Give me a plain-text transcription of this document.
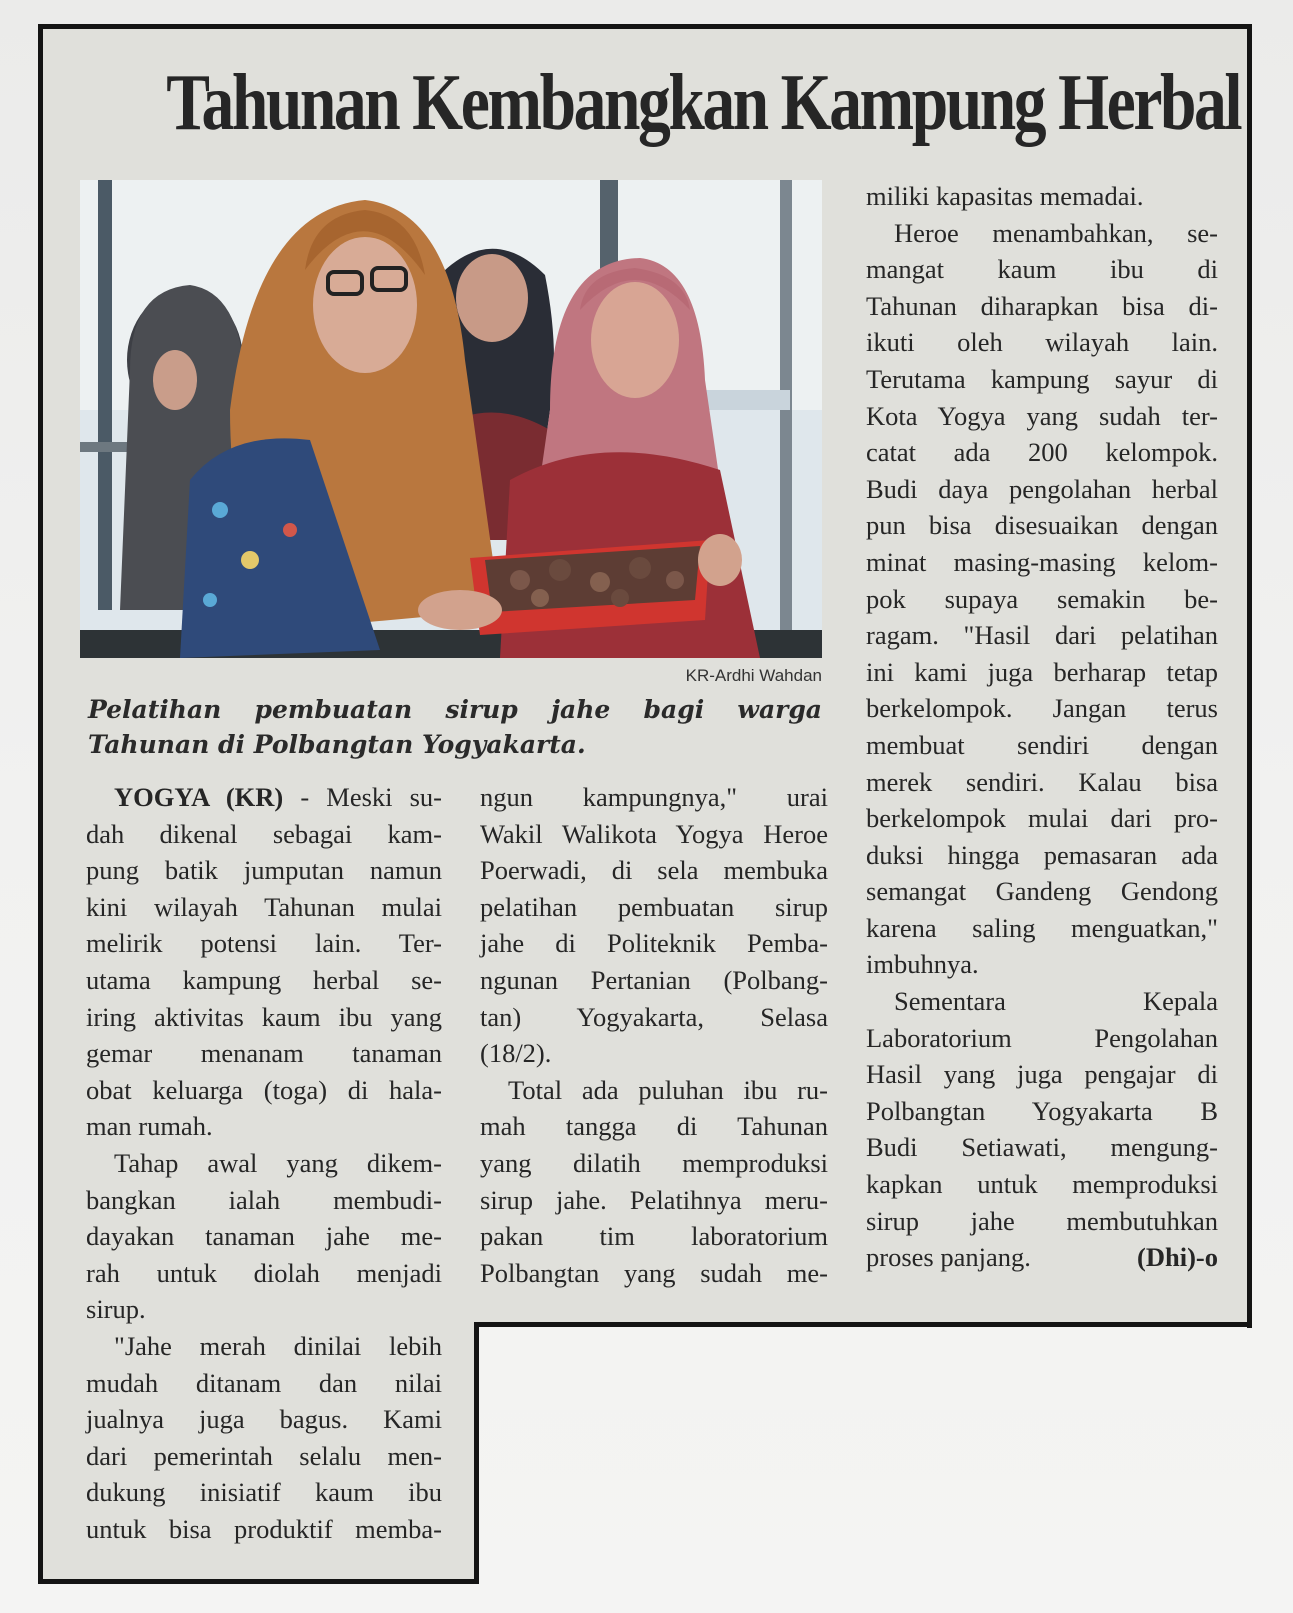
Tahunan Kembangkan Kampung Herbal
KR-Ardhi Wahdan
Pelatihan pembuatan sirup jahe bagi warga Tahunan di Polbangtan Yogyakarta.
YOGYA (KR) - Meski su-
dah dikenal sebagai kam-
pung batik jumputan namun
kini wilayah Tahunan mulai
melirik potensi lain. Ter-
utama kampung herbal se-
iring aktivitas kaum ibu yang
gemar menanam tanaman
obat keluarga (toga) di hala-
man rumah.
Tahap awal yang dikem-
bangkan ialah membudi-
dayakan tanaman jahe me-
rah untuk diolah menjadi
sirup.
"Jahe merah dinilai lebih
mudah ditanam dan nilai
jualnya juga bagus. Kami
dari pemerintah selalu men-
dukung inisiatif kaum ibu
untuk bisa produktif memba-
ngun kampungnya," urai
Wakil Walikota Yogya Heroe
Poerwadi, di sela membuka
pelatihan pembuatan sirup
jahe di Politeknik Pemba-
ngunan Pertanian (Polbang-
tan) Yogyakarta, Selasa
(18/2).
Total ada puluhan ibu ru-
mah tangga di Tahunan
yang dilatih memproduksi
sirup jahe. Pelatihnya meru-
pakan tim laboratorium
Polbangtan yang sudah me-
miliki kapasitas memadai.
Heroe menambahkan, se-
mangat kaum ibu di
Tahunan diharapkan bisa di-
ikuti oleh wilayah lain.
Terutama kampung sayur di
Kota Yogya yang sudah ter-
catat ada 200 kelompok.
Budi daya pengolahan herbal
pun bisa disesuaikan dengan
minat masing-masing kelom-
pok supaya semakin be-
ragam. "Hasil dari pelatihan
ini kami juga berharap tetap
berkelompok. Jangan terus
membuat sendiri dengan
merek sendiri. Kalau bisa
berkelompok mulai dari pro-
duksi hingga pemasaran ada
semangat Gandeng Gendong
karena saling menguatkan,"
imbuhnya.
Sementara Kepala
Laboratorium Pengolahan
Hasil yang juga pengajar di
Polbangtan Yogyakarta B
Budi Setiawati, mengung-
kapkan untuk memproduksi
sirup jahe membutuhkan
proses panjang.	(Dhi)-o
